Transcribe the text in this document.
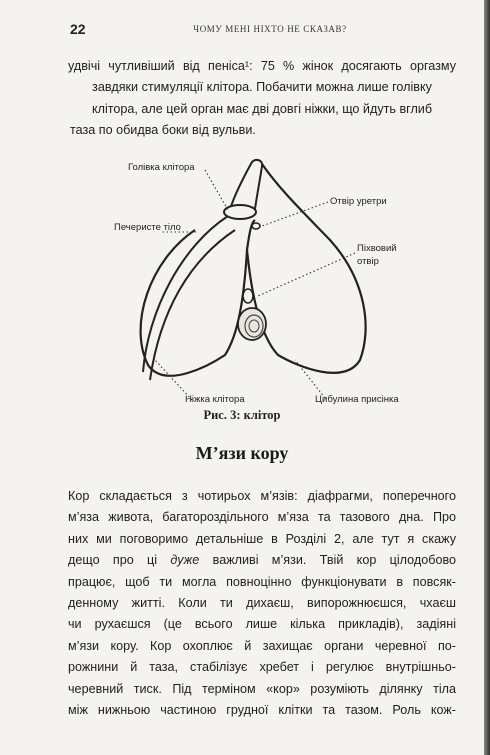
22	ЧОМУ МЕНІ НІХТО НЕ СКАЗАВ?
удвічі чутливіший від пеніса¹: 75 % жінок досягають оргазму
завдяки стимуляції клітора. Побачити можна лише голівку
клітора, але цей орган має дві довгі ніжки, що йдуть вглиб
таза по обидва боки від вульви.
Голівка клітора
Печеристе тіло
Отвір уретри
Піхвовий
отвір
Ніжка клітора	Цибулина присінка
Рис. 3: клітор
М’язи кору
Кор складається з чотирьох м’язів: діафрагми, поперечного
м’яза живота, багатороздільного м’яза та тазового дна. Про
них ми поговоримо детальніше в Розділі 2, але тут я скажу
дещо про ці дуже важливі м’язи. Твій кор цілодобово
працює, щоб ти могла повноцінно функціонувати в повсяк-
денному житті. Коли ти дихаєш, випорожнюєшся, чхаєш
чи рухаєшся (це всього лише кілька прикладів), задіяні
м’язи кору. Кор охоплює й захищає органи черевної по-
рожнини й таза, стабілізує хребет і регулює внутрішньо-
черевний тиск. Під терміном «кор» розуміють ділянку тіла
між нижньою частиною грудної клітки та тазом. Роль кож-
